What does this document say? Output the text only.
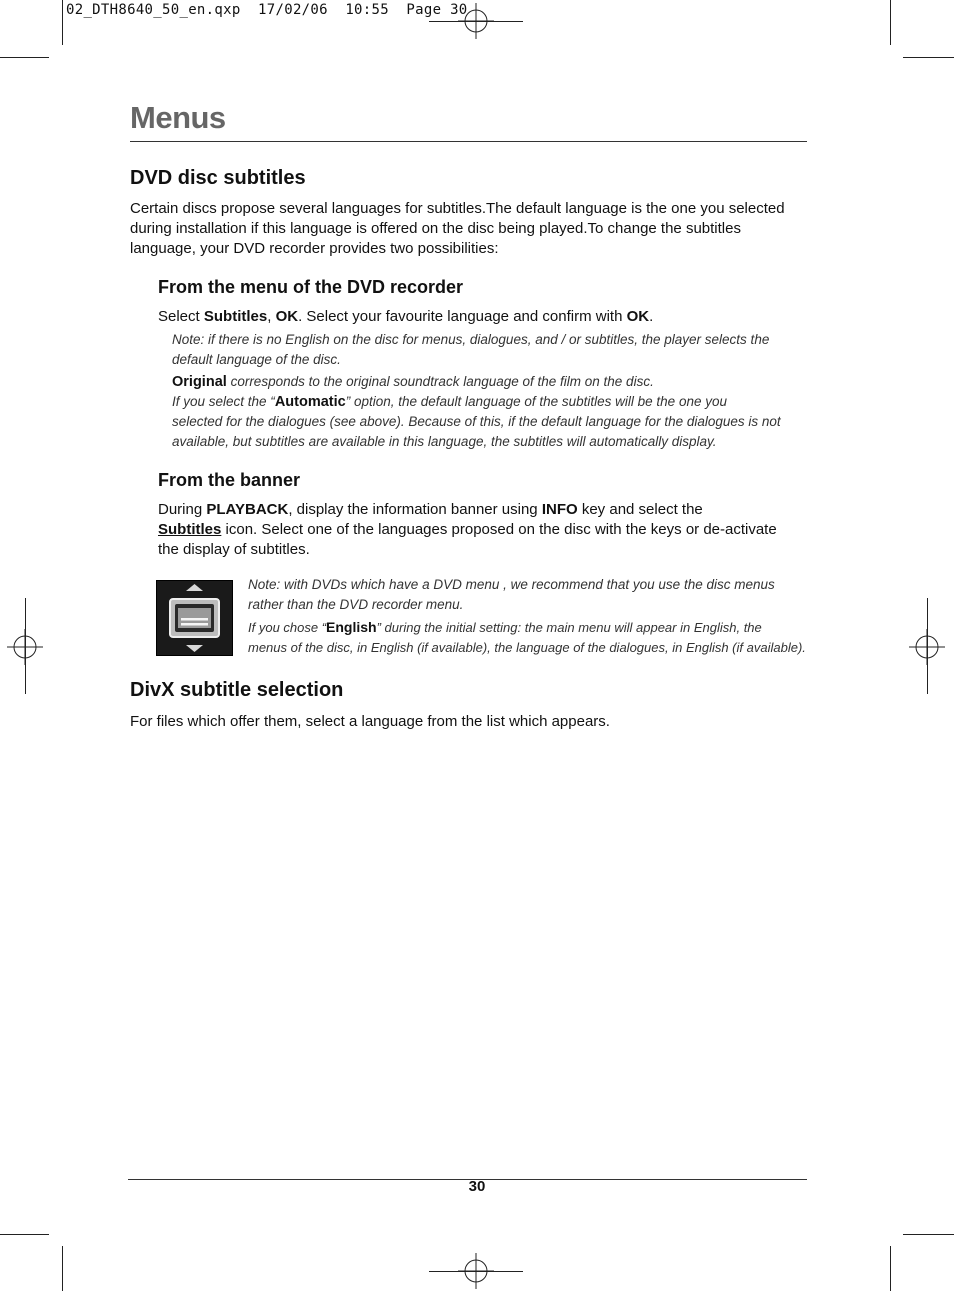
02_DTH8640_50_en.qxp  17/02/06  10:55  Page 30
Menus
DVD disc subtitles
Certain discs propose several languages for subtitles.The default language is the one you selected
during installation if this language is offered on the disc being played.To change the subtitles
language, your DVD recorder provides two possibilities:
From the menu of the DVD recorder
Select Subtitles, OK. Select your favourite language and confirm with OK.
Note: if there is no English on the disc for menus, dialogues, and / or subtitles, the player selects the
default language of the disc.
Original corresponds to the original soundtrack language of the film on the disc.
If you select the “Automatic” option, the default language of the subtitles will be the one you
selected for the dialogues (see above). Because of this, if the default language for the dialogues is not
available, but subtitles are available in this language, the subtitles will automatically display.
From the banner
During PLAYBACK, display the information banner using INFO key and select the
Subtitles icon. Select one of the languages proposed on the disc with the keys or de-activate
the display of subtitles.
Note: with DVDs which have a DVD menu , we recommend that you use the disc menus
rather than the DVD recorder menu.
If you chose “English” during the initial setting: the main menu will appear in English, the
menus of the disc, in English (if available), the language of the dialogues, in English (if available).
DivX subtitle selection
For files which offer them, select a language from the list which appears.
30
